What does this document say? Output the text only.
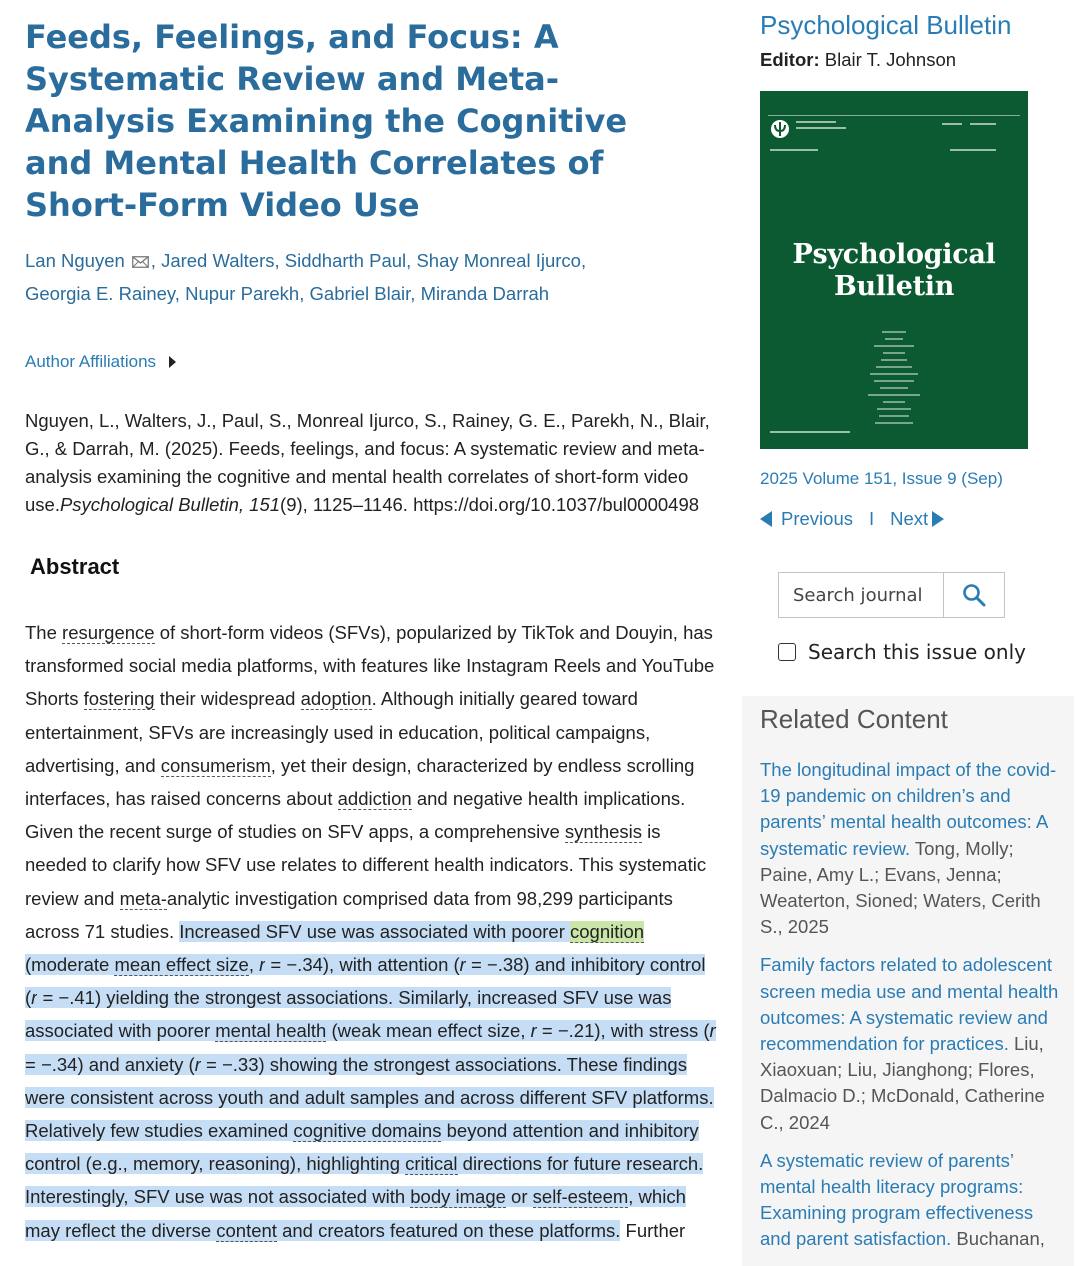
Feeds, Feelings, and Focus: A Systematic Review and Meta-Analysis Examining the Cognitive and Mental Health Correlates of Short-Form Video Use
Lan Nguyen , Jared Walters, Siddharth Paul, Shay Monreal Ijurco,
Georgia E. Rainey, Nupur Parekh, Gabriel Blair, Miranda Darrah
Author Affiliations
Nguyen, L., Walters, J., Paul, S., Monreal Ijurco, S., Rainey, G. E., Parekh, N., Blair, G., & Darrah, M. (2025). Feeds, feelings, and focus: A systematic review and meta-analysis examining the cognitive and mental health correlates of short-form video use.Psychological Bulletin, 151(9), 1125–1146. https://doi.org/10.1037/bul0000498
Abstract

The resurgence of short-form videos (SFVs), popularized by TikTok and Douyin, has transformed social media platforms, with features like Instagram Reels and YouTube Shorts fostering their widespread adoption. Although initially geared toward entertainment, SFVs are increasingly used in education, political campaigns, advertising, and consumerism, yet their design, characterized by endless scrolling interfaces, has raised concerns about addiction and negative health implications. Given the recent surge of studies on SFV apps, a comprehensive synthesis is needed to clarify how SFV use relates to different health indicators. This systematic review and meta-analytic investigation comprised data from 98,299 participants across 71 studies. Increased SFV use was associated with poorer cognition (moderate mean effect size, r = −.34), with attention (r = −.38) and inhibitory control (r = −.41) yielding the strongest associations. Similarly, increased SFV use was associated with poorer mental health (weak mean effect size, r = −.21), with stress (r = −.34) and anxiety (r = −.33) showing the strongest associations. These findings were consistent across youth and adult samples and across different SFV platforms. Relatively few studies examined cognitive domains beyond attention and inhibitory control (e.g., memory, reasoning), highlighting critical directions for future research. Interestingly, SFV use was not associated with body image or self-esteem, which may reflect the diverse content and creators featured on these platforms. Further

Psychological Bulletin
Editor: Blair T. Johnson
Psychological
Bulletin
2025 Volume 151, Issue 9 (Sep)
Previous I Next
Search journal
Search this issue only
Related Content
The longitudinal impact of the covid-19 pandemic on children’s and parents’ mental health outcomes: A systematic review. Tong, Molly; Paine, Amy L.; Evans, Jenna; Weaterton, Sioned; Waters, Cerith S., 2025
Family factors related to adolescent screen media use and mental health outcomes: A systematic review and recommendation for practices. Liu, Xiaoxuan; Liu, Jianghong; Flores, Dalmacio D.; McDonald, Catherine C., 2024
A systematic review of parents’ mental health literacy programs: Examining program effectiveness and parent satisfaction. Buchanan,
